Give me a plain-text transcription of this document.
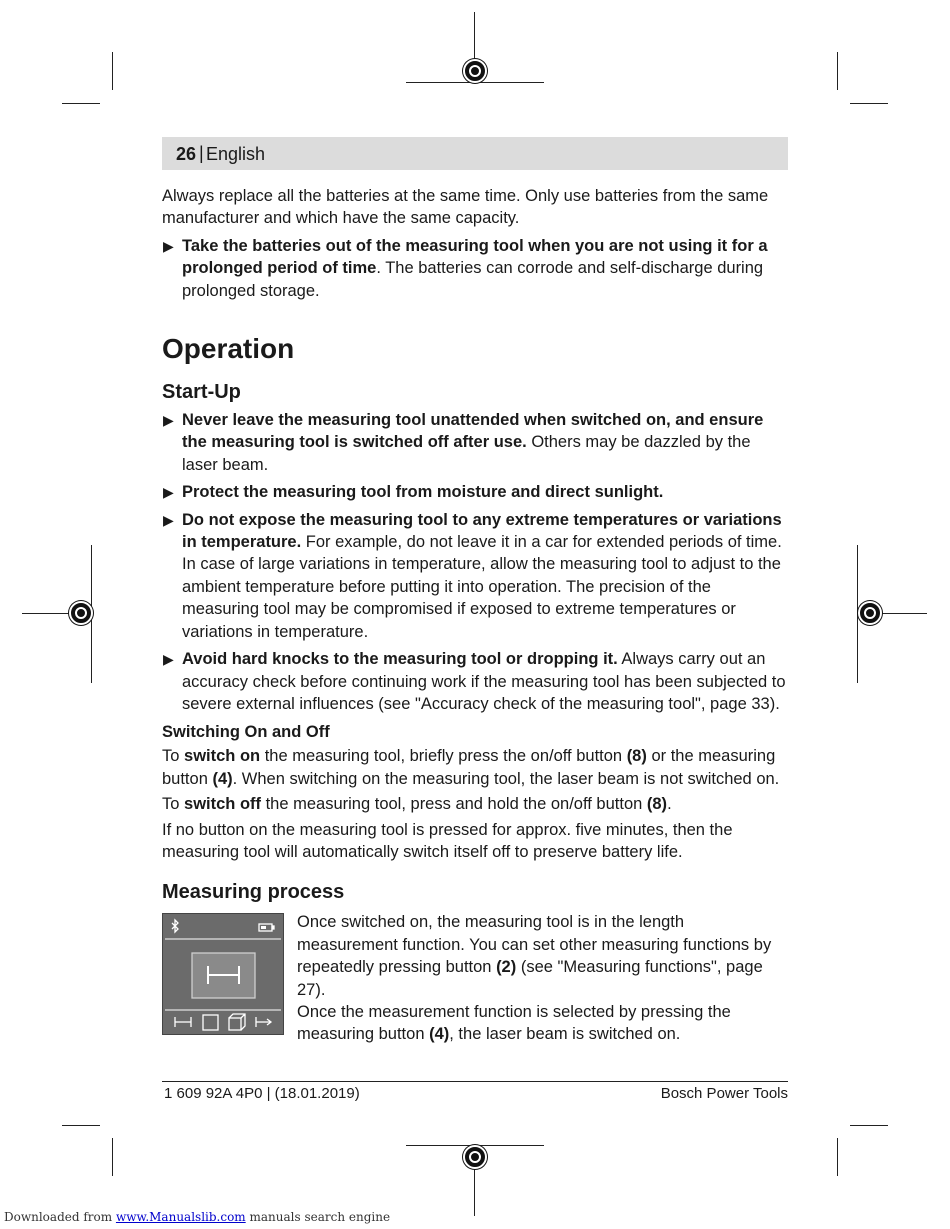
26 | English

Always replace all the batteries at the same time. Only use batteries from the same manufacturer and which have the same capacity.

▶ Take the batteries out of the measuring tool when you are not using it for a prolonged period of time. The batteries can corrode and self-discharge during prolonged storage.

Operation
Start-Up

▶ Never leave the measuring tool unattended when switched on, and ensure the measuring tool is switched off after use. Others may be dazzled by the laser beam.

▶ Protect the measuring tool from moisture and direct sunlight.

▶ Do not expose the measuring tool to any extreme temperatures or variations in temperature. For example, do not leave it in a car for extended periods of time. In case of large variations in temperature, allow the measuring tool to adjust to the ambient temperature before putting it into operation. The precision of the measuring tool may be compromised if exposed to extreme temperatures or variations in temperature.

▶ Avoid hard knocks to the measuring tool or dropping it. Always carry out an accuracy check before continuing work if the measuring tool has been subjected to severe external influences (see "Accuracy check of the measuring tool", page 33).

Switching On and Off

To switch on the measuring tool, briefly press the on/off button (8) or the measuring button (4). When switching on the measuring tool, the laser beam is not switched on.

To switch off the measuring tool, press and hold the on/off button (8).

If no button on the measuring tool is pressed for approx. five minutes, then the measuring tool will automatically switch itself off to preserve battery life.

Measuring process

Once switched on, the measuring tool is in the length measurement function. You can set other measuring functions by repeatedly pressing button (2) (see "Measuring functions", page 27).

Once the measurement function is selected by pressing the measuring button (4), the laser beam is switched on.

1 609 92A 4P0 | (18.01.2019)	Bosch Power Tools
Downloaded from www.Manualslib.com manuals search engine
